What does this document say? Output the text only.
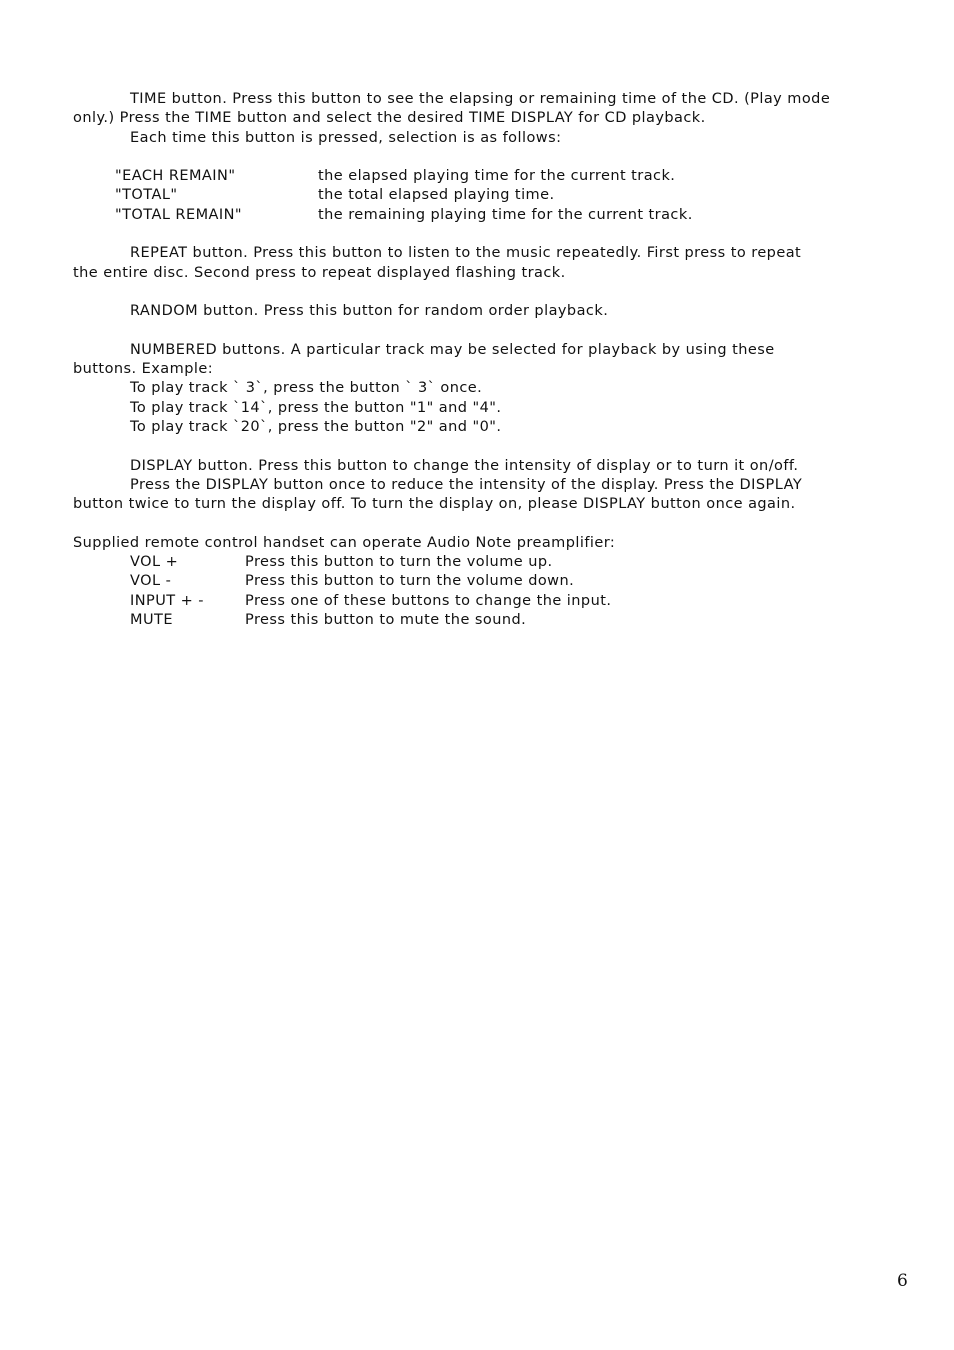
TIME button. Press this button to see the elapsing or remaining time of the CD. (Play mode

only.) Press the TIME button and select the desired TIME DISPLAY for CD playback.

Each time this button is pressed, selection is as follows:

"EACH REMAIN"	the elapsed playing time for the current track.
"TOTAL"	the total elapsed playing time.
"TOTAL REMAIN"	the remaining playing time for the current track.

REPEAT button. Press this button to listen to the music repeatedly. First press to repeat

the entire disc. Second press to repeat displayed flashing track.

RANDOM button. Press this button for random order playback.

NUMBERED buttons. A particular track may be selected for playback by using these

buttons. Example:

To play track ` 3`, press the button ` 3` once.
To play track `14`, press the button "1" and "4".
To play track `20`, press the button "2" and "0".

DISPLAY button. Press this button to change the intensity of display or to turn it on/off.

Press the DISPLAY button once to reduce the intensity of the display. Press the DISPLAY

button twice to turn the display off. To turn the display on, please DISPLAY button once again.

Supplied remote control handset can operate Audio Note preamplifier:

VOL +	Press this button to turn the volume up.
VOL -	Press this button to turn the volume down.
INPUT + -	Press one of these buttons to change the input.
MUTE	Press this button to mute the sound.
6
